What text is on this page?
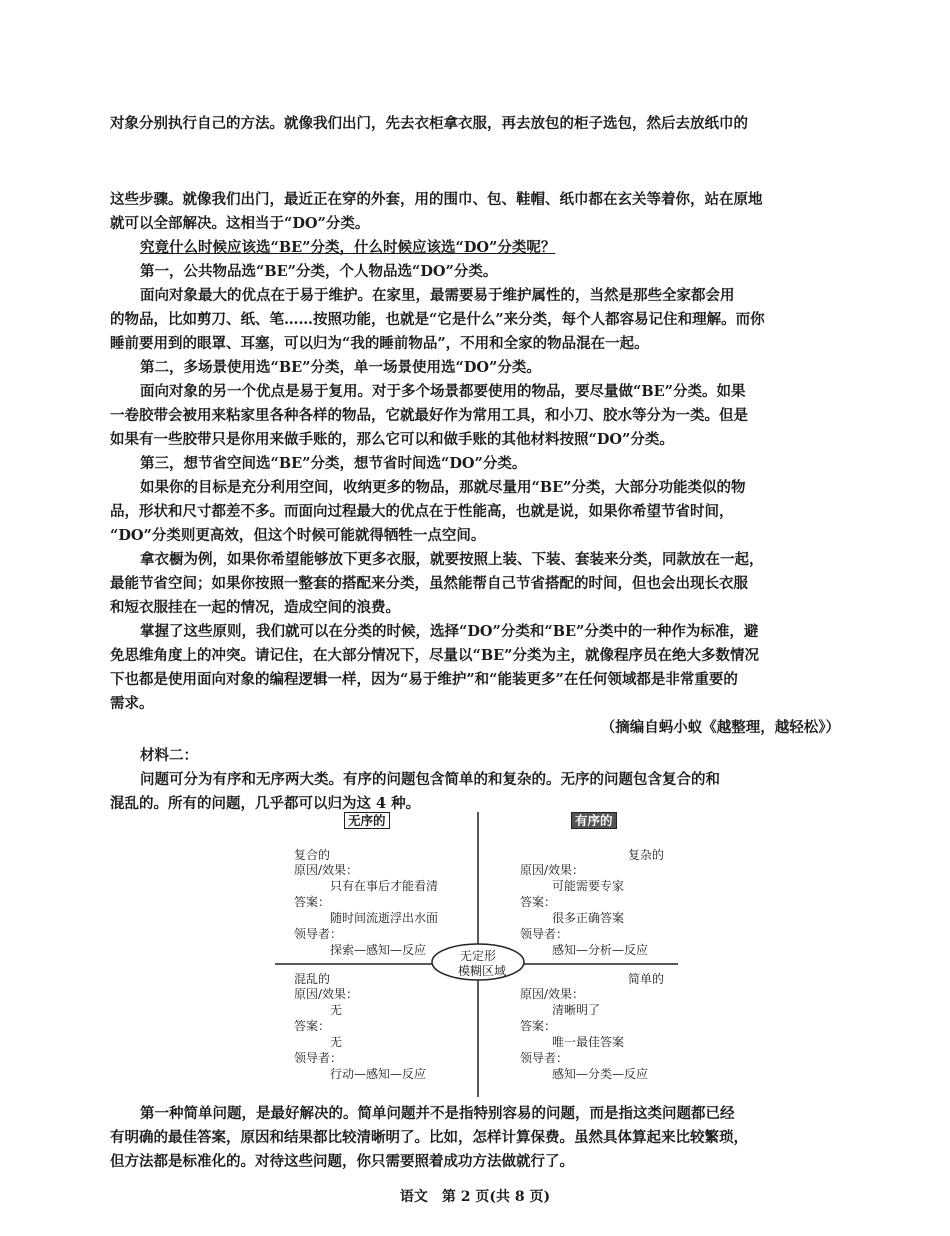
对象分别执行自己的方法。就像我们出门，先去衣柜拿衣服，再去放包的柜子选包，然后去放纸巾的
这些步骤。就像我们出门，最近正在穿的外套，用的围巾、包、鞋帽、纸巾都在玄关等着你，站在原地
就可以全部解决。这相当于“DO”分类。
究竟什么时候应该选“BE”分类，什么时候应该选“DO”分类呢？
第一，公共物品选“BE”分类，个人物品选“DO”分类。
面向对象最大的优点在于易于维护。在家里，最需要易于维护属性的，当然是那些全家都会用
的物品，比如剪刀、纸、笔……按照功能，也就是“它是什么”来分类，每个人都容易记住和理解。而你
睡前要用到的眼罩、耳塞，可以归为“我的睡前物品”，不用和全家的物品混在一起。
第二，多场景使用选“BE”分类，单一场景使用选“DO”分类。
面向对象的另一个优点是易于复用。对于多个场景都要使用的物品，要尽量做“BE”分类。如果
一卷胶带会被用来粘家里各种各样的物品，它就最好作为常用工具，和小刀、胶水等分为一类。但是
如果有一些胶带只是你用来做手账的，那么它可以和做手账的其他材料按照“DO”分类。
第三，想节省空间选“BE”分类，想节省时间选“DO”分类。
如果你的目标是充分利用空间，收纳更多的物品，那就尽量用“BE”分类，大部分功能类似的物
品，形状和尺寸都差不多。而面向过程最大的优点在于性能高，也就是说，如果你希望节省时间，
“DO”分类则更高效，但这个时候可能就得牺牲一点空间。
拿衣橱为例，如果你希望能够放下更多衣服，就要按照上装、下装、套装来分类，同款放在一起，
最能节省空间；如果你按照一整套的搭配来分类，虽然能帮自己节省搭配的时间，但也会出现长衣服
和短衣服挂在一起的情况，造成空间的浪费。
掌握了这些原则，我们就可以在分类的时候，选择“DO”分类和“BE”分类中的一种作为标准，避
免思维角度上的冲突。请记住，在大部分情况下，尽量以“BE”分类为主，就像程序员在绝大多数情况
下也都是使用面向对象的编程逻辑一样，因为“易于维护”和“能装更多”在任何领域都是非常重要的
需求。
（摘编自蚂小蚁《越整理，越轻松》）
材料二：
问题可分为有序和无序两大类。有序的问题包含简单的和复杂的。无序的问题包含复合的和
混乱的。所有的问题，几乎都可以归为这 4 种。
无定形
模糊区域
无序的	有序的
复合的
原因/效果：
只有在事后才能看清
答案：
随时间流逝浮出水面
领导者：
探索—感知—反应
复杂的
原因/效果：
可能需要专家
答案：
很多正确答案
领导者：
感知—分析—反应
混乱的
原因/效果：
无
答案：
无
领导者：
行动—感知—反应
简单的
原因/效果：
清晰明了
答案：
唯一最佳答案
领导者：
感知—分类—反应
第一种简单问题，是最好解决的。简单问题并不是指特别容易的问题，而是指这类问题都已经
有明确的最佳答案，原因和结果都比较清晰明了。比如，怎样计算保费。虽然具体算起来比较繁琐，
但方法都是标准化的。对待这些问题，你只需要照着成功方法做就行了。
语文　第 2 页(共 8 页)
